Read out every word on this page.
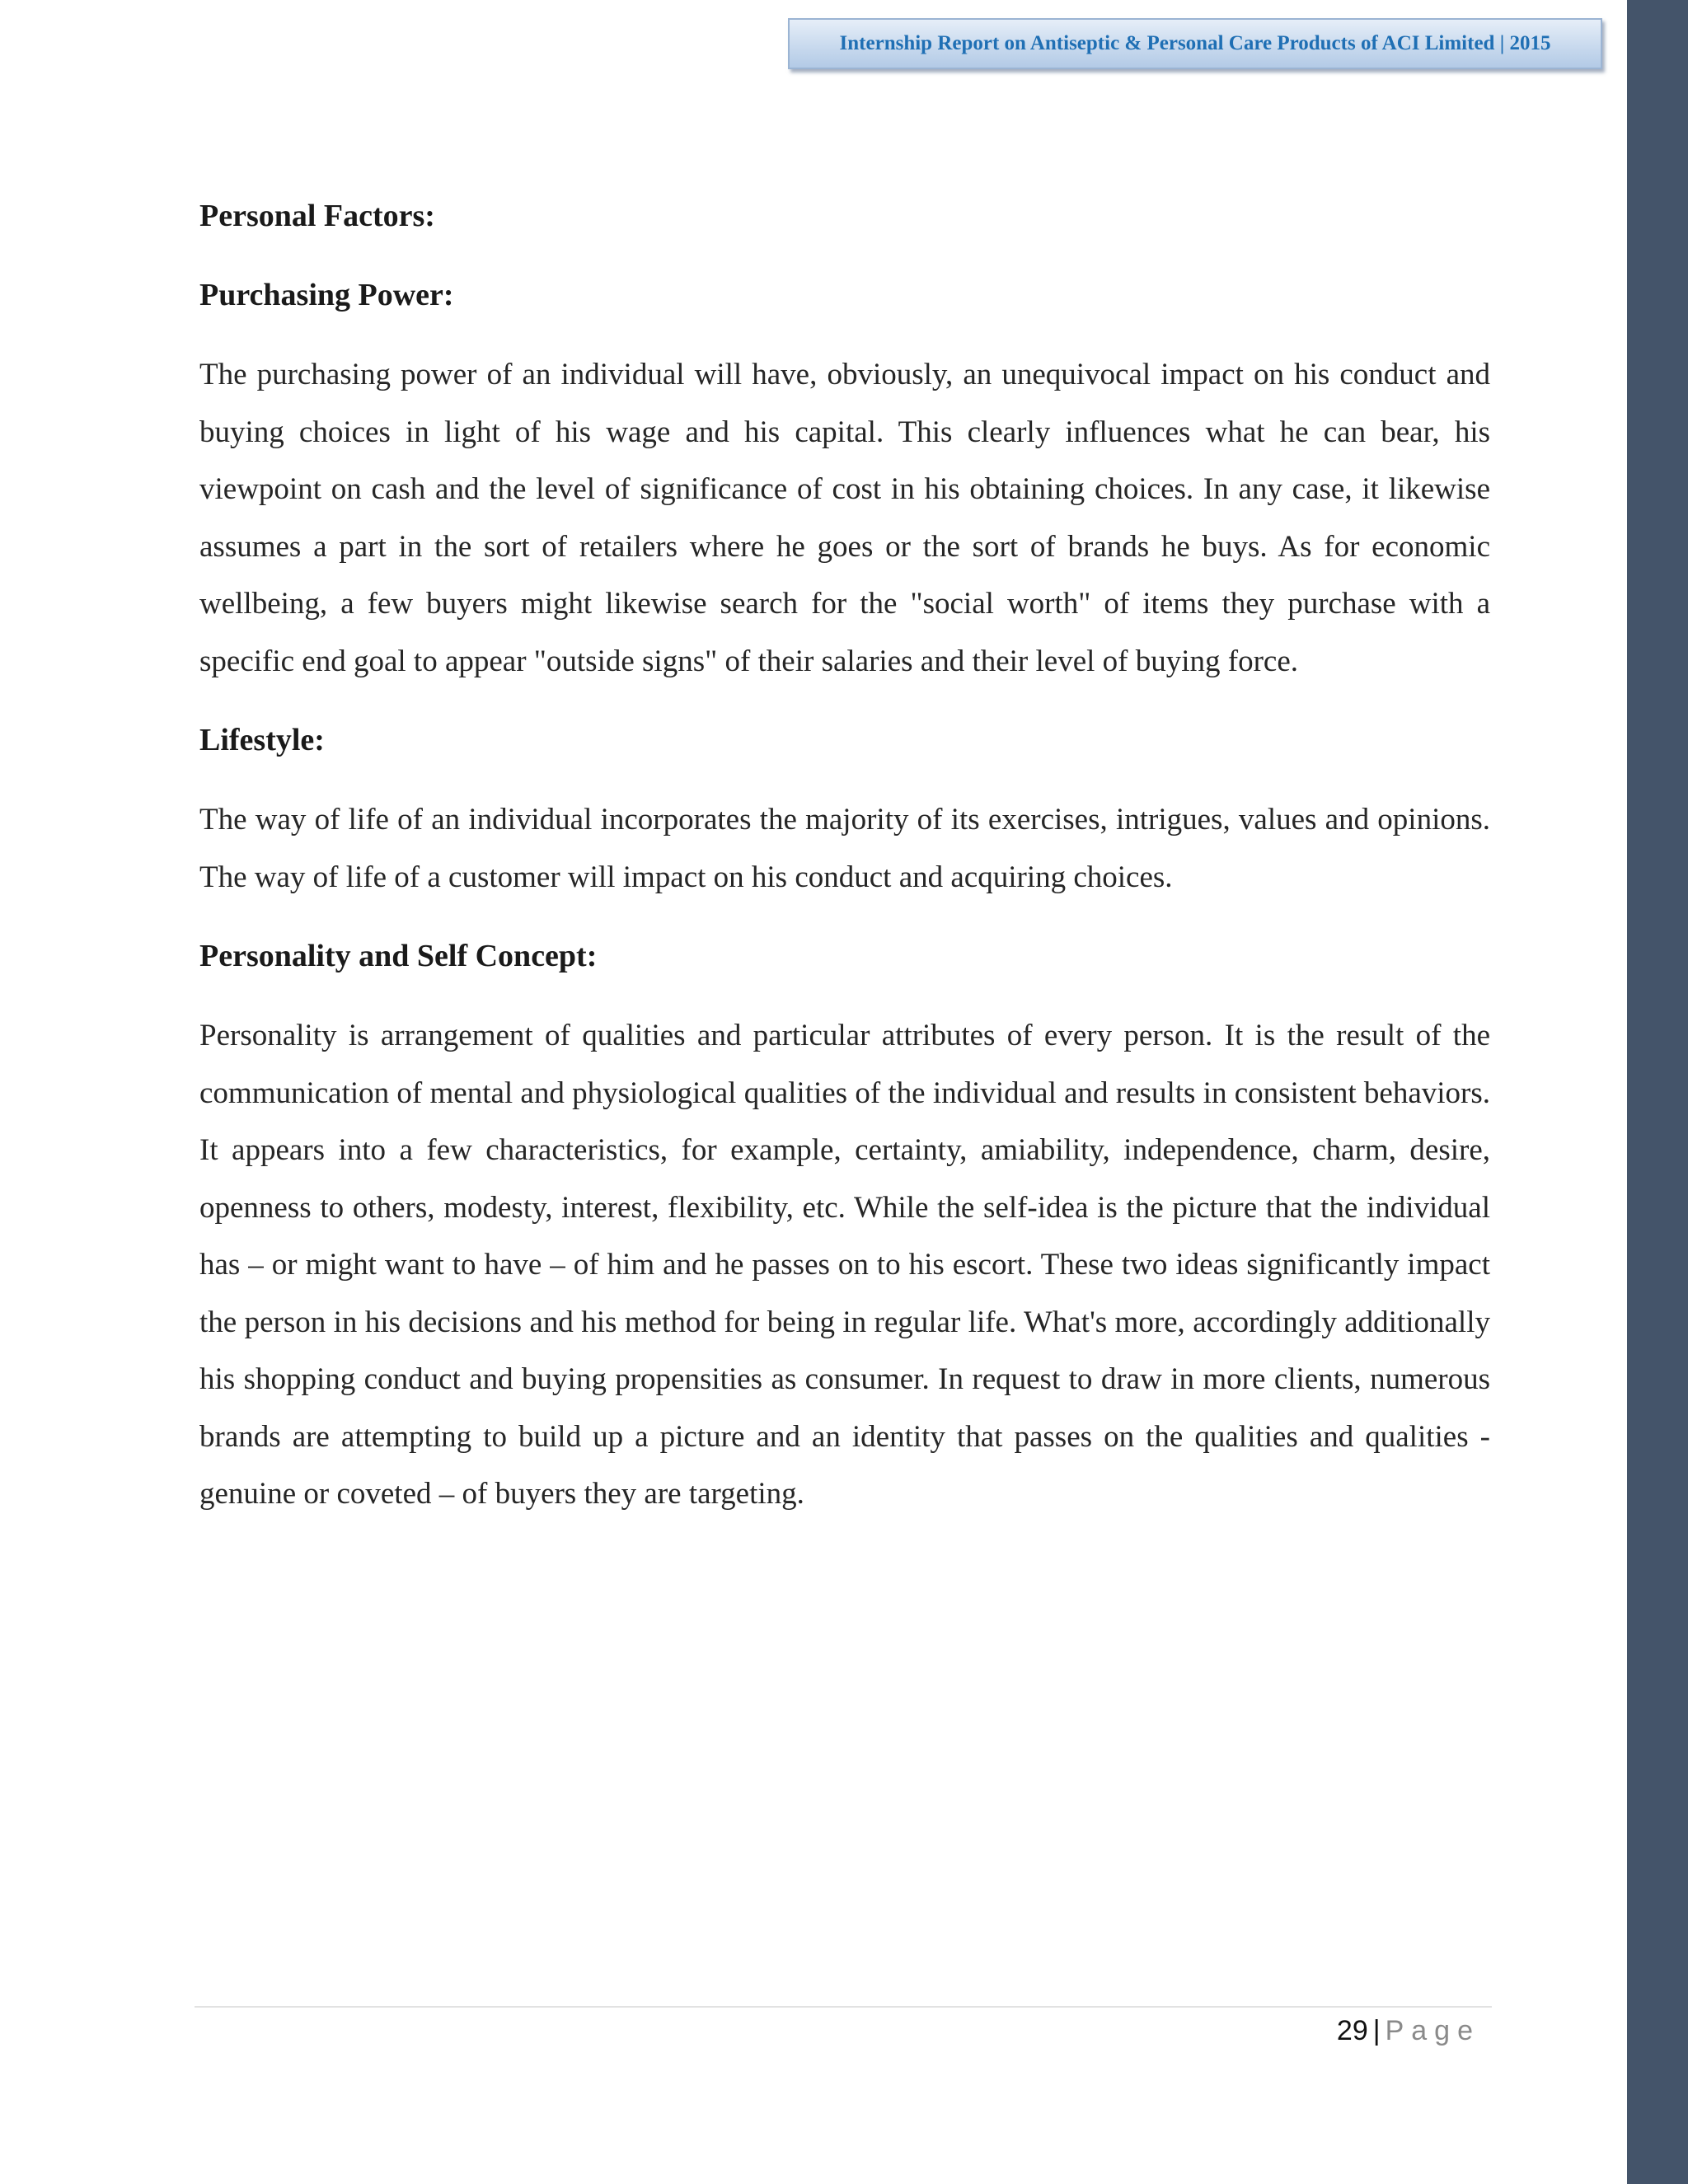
Internship Report on Antiseptic & Personal Care Products of ACI Limited | 2015
Personal Factors:
Purchasing Power:

The purchasing power of an individual will have, obviously, an unequivocal impact on his conduct and buying choices in light of his wage and his capital. This clearly influences what he can bear, his viewpoint on cash and the level of significance of cost in his obtaining choices. In any case, it likewise assumes a part in the sort of retailers where he goes or the sort of brands he buys. As for economic wellbeing, a few buyers might likewise search for the "social worth" of items they purchase with a specific end goal to appear "outside signs" of their salaries and their level of buying force.

Lifestyle:

The way of life of an individual incorporates the majority of its exercises, intrigues, values and opinions. The way of life of a customer will impact on his conduct and acquiring choices.

Personality and Self Concept:

Personality is arrangement of qualities and particular attributes of every person. It is the result of the communication of mental and physiological qualities of the individual and results in consistent behaviors. It appears into a few characteristics, for example, certainty, amiability, independence, charm, desire, openness to others, modesty, interest, flexibility, etc. While the self-idea is the picture that the individual has – or might want to have – of him and he passes on to his escort. These two ideas significantly impact the person in his decisions and his method for being in regular life. What's more, accordingly additionally his shopping conduct and buying propensities as consumer. In request to draw in more clients, numerous brands are attempting to build up a picture and an identity that passes on the qualities and qualities -genuine or coveted – of buyers they are targeting.

29 | Page
